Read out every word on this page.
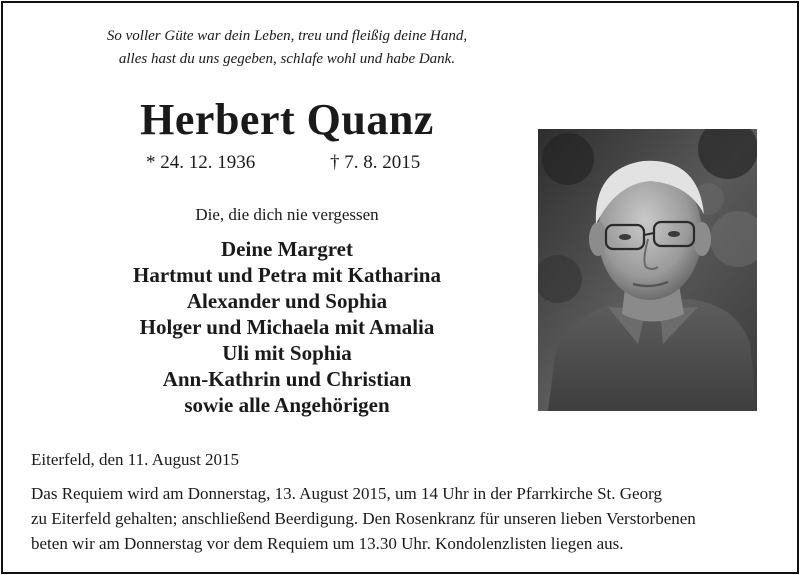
So voller Güte war dein Leben, treu und fleißig deine Hand,
alles hast du uns gegeben, schlafe wohl und habe Dank.
Herbert Quanz
* 24. 12. 1936	† 7. 8. 2015
Die, die dich nie vergessen
Deine Margret
Hartmut und Petra mit Katharina
Alexander und Sophia
Holger und Michaela mit Amalia
Uli mit Sophia
Ann-Kathrin und Christian
sowie alle Angehörigen
Eiterfeld, den 11. August 2015
Das Requiem wird am Donnerstag, 13. August 2015, um 14 Uhr in der Pfarrkirche St. Georg
zu Eiterfeld gehalten; anschließend Beerdigung. Den Rosenkranz für unseren lieben Verstorbenen
beten wir am Donnerstag vor dem Requiem um 13.30 Uhr. Kondolenzlisten liegen aus.
